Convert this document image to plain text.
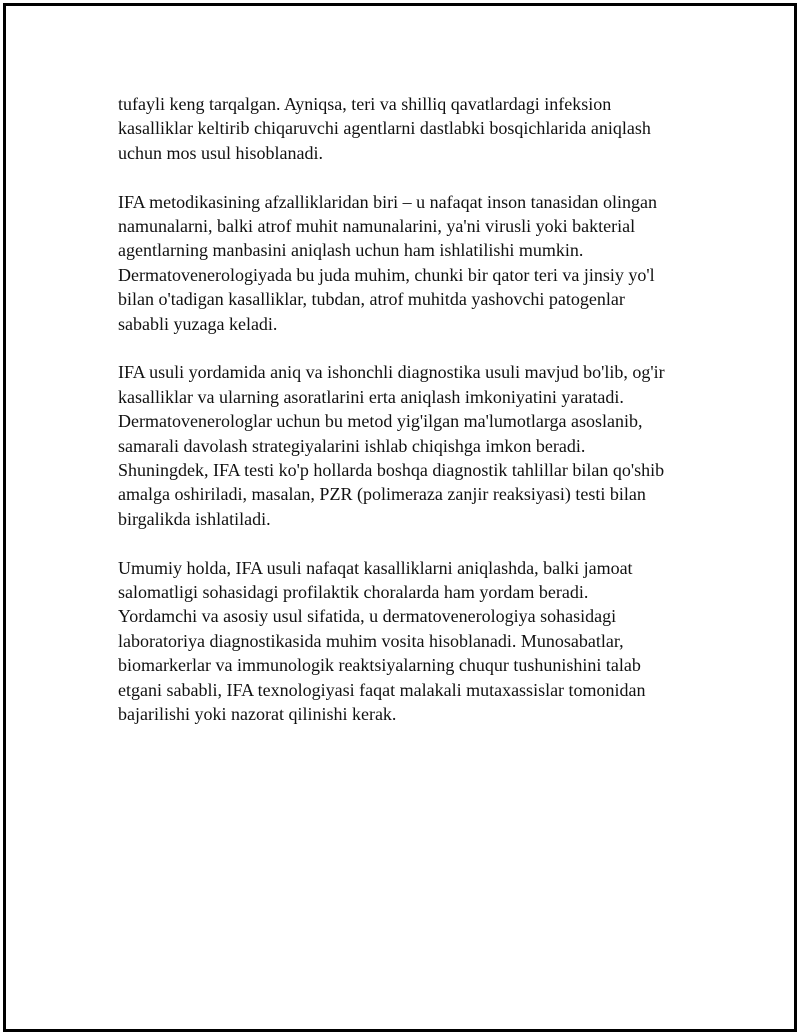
tufayli keng tarqalgan. Ayniqsa, teri va shilliq qavatlardagi infeksion
kasalliklar keltirib chiqaruvchi agentlarni dastlabki bosqichlarida aniqlash
uchun mos usul hisoblanadi.

IFA metodikasining afzalliklaridan biri – u nafaqat inson tanasidan olingan
namunalarni, balki atrof muhit namunalarini, ya'ni virusli yoki bakterial
agentlarning manbasini aniqlash uchun ham ishlatilishi mumkin.
Dermatovenerologiyada bu juda muhim, chunki bir qator teri va jinsiy yo'l
bilan o'tadigan kasalliklar, tubdan, atrof muhitda yashovchi patogenlar
sababli yuzaga keladi.

IFA usuli yordamida aniq va ishonchli diagnostika usuli mavjud bo'lib, og'ir
kasalliklar va ularning asoratlarini erta aniqlash imkoniyatini yaratadi.
Dermatovenerologlar uchun bu metod yig'ilgan ma'lumotlarga asoslanib,
samarali davolash strategiyalarini ishlab chiqishga imkon beradi.
Shuningdek, IFA testi ko'p hollarda boshqa diagnostik tahlillar bilan qo'shib
amalga oshiriladi, masalan, PZR (polimeraza zanjir reaksiyasi) testi bilan
birgalikda ishlatiladi.

Umumiy holda, IFA usuli nafaqat kasalliklarni aniqlashda, balki jamoat
salomatligi sohasidagi profilaktik choralarda ham yordam beradi.
Yordamchi va asosiy usul sifatida, u dermatovenerologiya sohasidagi
laboratoriya diagnostikasida muhim vosita hisoblanadi. Munosabatlar,
biomarkerlar va immunologik reaktsiyalarning chuqur tushunishini talab
etgani sababli, IFA texnologiyasi faqat malakali mutaxassislar tomonidan
bajarilishi yoki nazorat qilinishi kerak.
